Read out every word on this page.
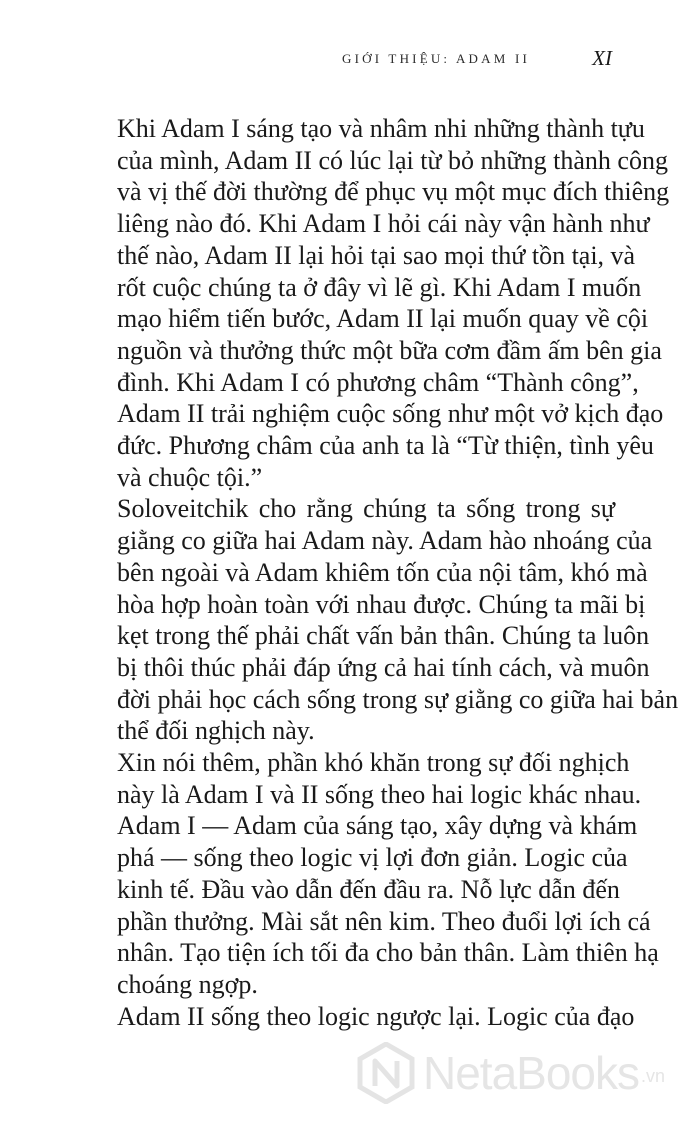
GIỚI THIỆU: ADAM II	XI
Khi Adam I sáng tạo và nhâm nhi những thành tựu
của mình, Adam II có lúc lại từ bỏ những thành công
và vị thế đời thường để phục vụ một mục đích thiêng
liêng nào đó. Khi Adam I hỏi cái này vận hành như
thế nào, Adam II lại hỏi tại sao mọi thứ tồn tại, và
rốt cuộc chúng ta ở đây vì lẽ gì. Khi Adam I muốn
mạo hiểm tiến bước, Adam II lại muốn quay về cội
nguồn và thưởng thức một bữa cơm đầm ấm bên gia
đình. Khi Adam I có phương châm “Thành công”,
Adam II trải nghiệm cuộc sống như một vở kịch đạo
đức. Phương châm của anh ta là “Từ thiện, tình yêu
và chuộc tội.”
Soloveitchik cho rằng chúng ta sống trong sự
giằng co giữa hai Adam này. Adam hào nhoáng của
bên ngoài và Adam khiêm tốn của nội tâm, khó mà
hòa hợp hoàn toàn với nhau được. Chúng ta mãi bị
kẹt trong thế phải chất vấn bản thân. Chúng ta luôn
bị thôi thúc phải đáp ứng cả hai tính cách, và muôn
đời phải học cách sống trong sự giằng co giữa hai bản
thể đối nghịch này.
Xin nói thêm, phần khó khăn trong sự đối nghịch
này là Adam I và II sống theo hai logic khác nhau.
Adam I — Adam của sáng tạo, xây dựng và khám
phá — sống theo logic vị lợi đơn giản. Logic của
kinh tế. Đầu vào dẫn đến đầu ra. Nỗ lực dẫn đến
phần thưởng. Mài sắt nên kim. Theo đuổi lợi ích cá
nhân. Tạo tiện ích tối đa cho bản thân. Làm thiên hạ
choáng ngợp.
Adam II sống theo logic ngược lại. Logic của đạo
NetaBooks .vn
